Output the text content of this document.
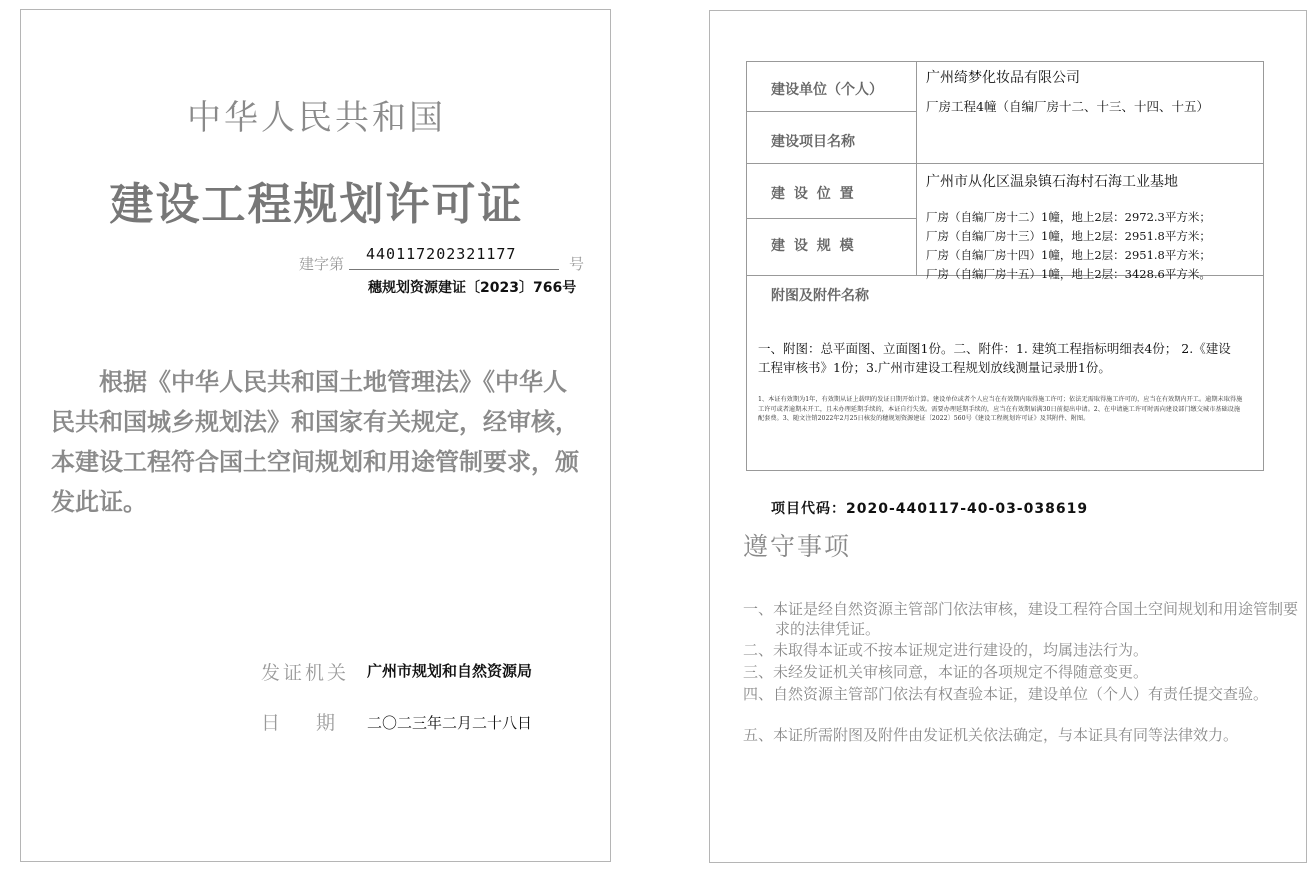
中华人民共和国
建设工程规划许可证
建字第
440117202321177
号
穗规划资源建证〔2023〕766号
根据《中华人民共和国土地管理法》《中华人民共和国城乡规划法》和国家有关规定，经审核，本建设工程符合国土空间规划和用途管制要求，颁发此证。
发证机关 广州市规划和自然资源局
日期
二〇二三年二月二十八日
建设单位（个人）
广州绮梦化妆品有限公司
建设项目名称
厂房工程4幢（自编厂房十二、十三、十四、十五）
建 设 位 置
广州市从化区温泉镇石海村石海工业基地
建 设 规 模
厂房（自编厂房十二）1幢，地上2层：2972.3平方米；
厂房（自编厂房十三）1幢，地上2层：2951.8平方米；
厂房（自编厂房十四）1幢，地上2层：2951.8平方米；
厂房（自编厂房十五）1幢，地上2层：3428.6平方米。
附图及附件名称
一、附图：总平面图、立面图1份。二、附件：1. 建筑工程指标明细表4份； 2.《建设工程审核书》1份；3.广州市建设工程规划放线测量记录册1份。
1、本证有效期为1年，有效期从证上载明的发证日期开始计算。建设单位或者个人应当在有效期内取得施工许可；依法无需取得施工许可的，应当在有效期内开工。逾期未取得施工许可或者逾期未开工，且未办理延期手续的，本证自行失效。需要办理延期手续的，应当在有效期届满30日前提出申请。2、在申请施工许可时需向建设部门缴交城市基础设施配套费。3、随文注销2022年2月25日核发的穗规划资源建证〔2022〕560号《建设工程规划许可证》及其附件、附图。
项目代码：2020-440117-40-03-038619
遵守事项
一、本证是经自然资源主管部门依法审核，建设工程符合国土空间规划和用途管制要求的法律凭证。
二、未取得本证或不按本证规定进行建设的，均属违法行为。
三、未经发证机关审核同意，本证的各项规定不得随意变更。
四、自然资源主管部门依法有权查验本证，建设单位（个人）有责任提交查验。
五、本证所需附图及附件由发证机关依法确定，与本证具有同等法律效力。
